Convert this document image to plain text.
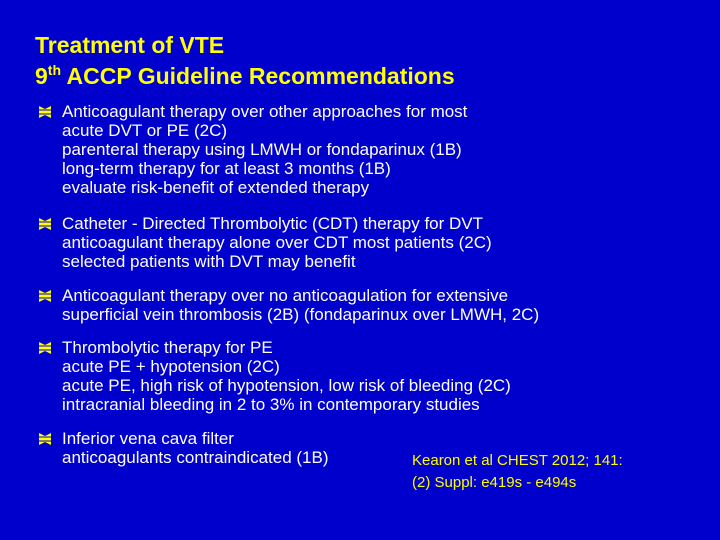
Treatment of VTE
9th ACCP Guideline Recommendations
Anticoagulant therapy over other approaches for most
acute DVT or PE (2C)
parenteral therapy using LMWH or fondaparinux (1B)
long-term therapy for at least 3 months (1B)
evaluate risk-benefit of extended therapy
Catheter - Directed Thrombolytic (CDT) therapy for DVT
anticoagulant therapy alone over CDT most patients (2C)
selected patients with DVT may benefit
Anticoagulant therapy over no anticoagulation for extensive
superficial vein thrombosis (2B) (fondaparinux over LMWH, 2C)
Thrombolytic therapy for PE
acute PE + hypotension (2C)
acute PE, high risk of hypotension, low risk of bleeding (2C)
intracranial bleeding in 2 to 3% in contemporary studies
Inferior vena cava filter
anticoagulants contraindicated (1B)	Kearon et al CHEST 2012; 141:
(2) Suppl: e419s - e494s
